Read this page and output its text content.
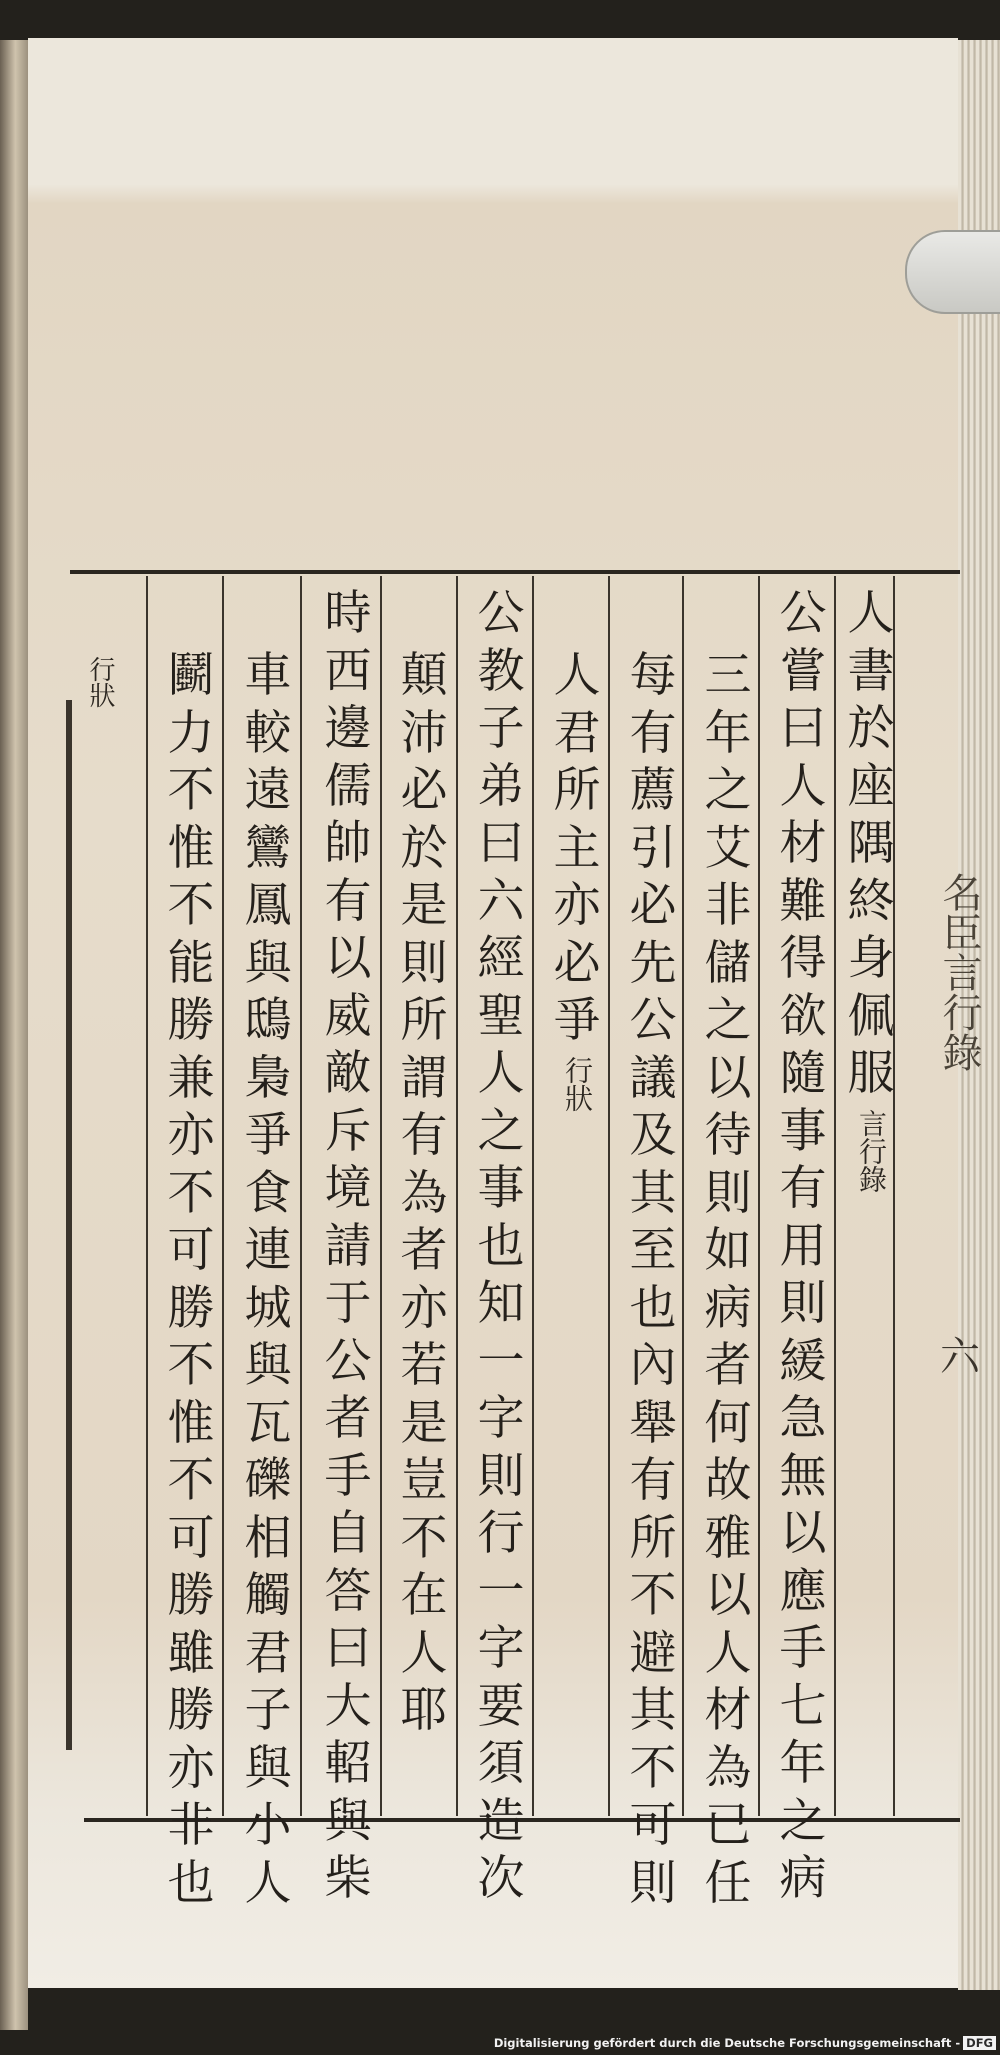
行狀
人
書
於
座
隅
終
身
佩
服
言行錄
公
嘗
曰
人
材
難
得
欲
隨
事
有
用
則
緩
急
無
以
應
手
七
年
之
病
三
年
之
艾
非
儲
之
以
待
則
如
病
者
何
故
雅
以
人
材
為
已
任
每
有
薦
引
必
先
公
議
及
其
至
也
內
舉
有
所
不
避
其
不
可
則
人
君
所
主
亦
必
爭
行狀
公
教
子
弟
曰
六
經
聖
人
之
事
也
知
一
字
則
行
一
字
要
須
造
次
顛
沛
必
於
是
則
所
謂
有
為
者
亦
若
是
豈
不
在
人
耶
時
西
邊
儒
帥
有
以
威
敵
斥
境
請
于
公
者
手
自
答
曰
大
軺
與
柴
車
較
遠
鸞
鳳
與
鴟
梟
爭
食
連
城
與
瓦
礫
相
觸
君
子
與
小
人
鬬
力
不
惟
不
能
勝
兼
亦
不
可
勝
不
惟
不
可
勝
雖
勝
亦
非
也
名臣言行錄
六
Digitalisierung gefördert durch die Deutsche Forschungsgemeinschaft - DFG
